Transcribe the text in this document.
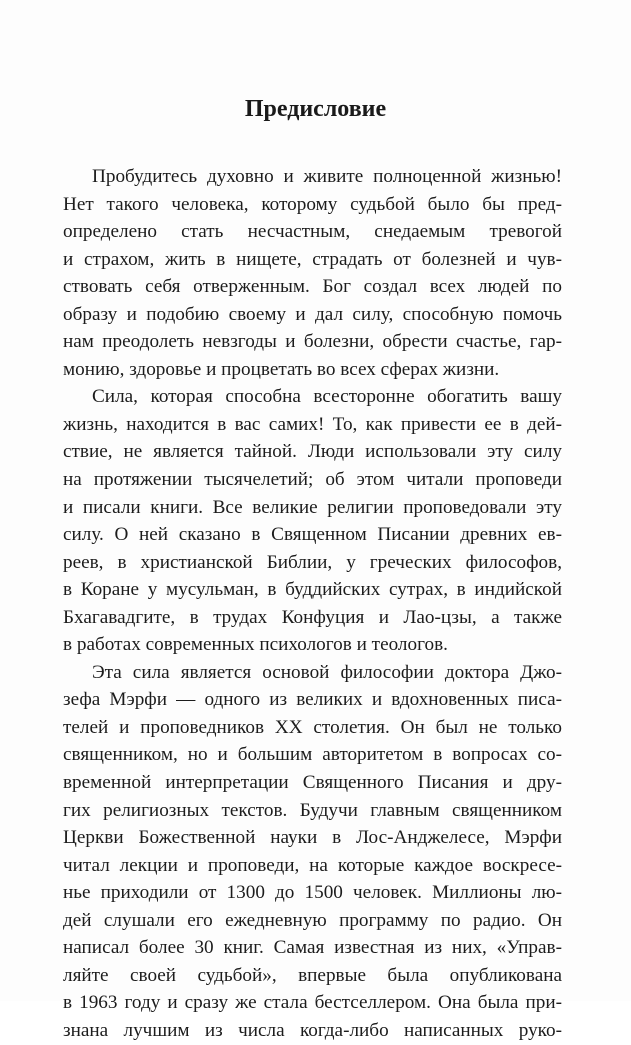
Предисловие
Пробудитесь духовно и живите полноценной жизнью!
Нет такого человека, которому судьбой было бы пред-
определено стать несчастным, снедаемым тревогой
и страхом, жить в нищете, страдать от болезней и чув-
ствовать себя отверженным. Бог создал всех людей по
образу и подобию своему и дал силу, способную помочь
нам преодолеть невзгоды и болезни, обрести счастье, гар-
монию, здоровье и процветать во всех сферах жизни.
Сила, которая способна всесторонне обогатить вашу
жизнь, находится в вас самих! То, как привести ее в дей-
ствие, не является тайной. Люди использовали эту силу
на протяжении тысячелетий; об этом читали проповеди
и писали книги. Все великие религии проповедовали эту
силу. О ней сказано в Священном Писании древних ев-
реев, в христианской Библии, у греческих философов,
в Коране у мусульман, в буддийских сутрах, в индийской
Бхагавадгите, в трудах Конфуция и Лао-цзы, а также
в работах современных психологов и теологов.
Эта сила является основой философии доктора Джо-
зефа Мэрфи — одного из великих и вдохновенных писа-
телей и проповедников XX столетия. Он был не только
священником, но и большим авторитетом в вопросах со-
временной интерпретации Священного Писания и дру-
гих религиозных текстов. Будучи главным священником
Церкви Божественной науки в Лос-Анджелесе, Мэрфи
читал лекции и проповеди, на которые каждое воскресе-
нье приходили от 1300 до 1500 человек. Миллионы лю-
дей слушали его ежедневную программу по радио. Он
написал более 30 книг. Самая известная из них, «Управ-
ляйте своей судьбой», впервые была опубликована
в 1963 году и сразу же стала бестселлером. Она была при-
знана лучшим из числа когда-либо написанных руко-
